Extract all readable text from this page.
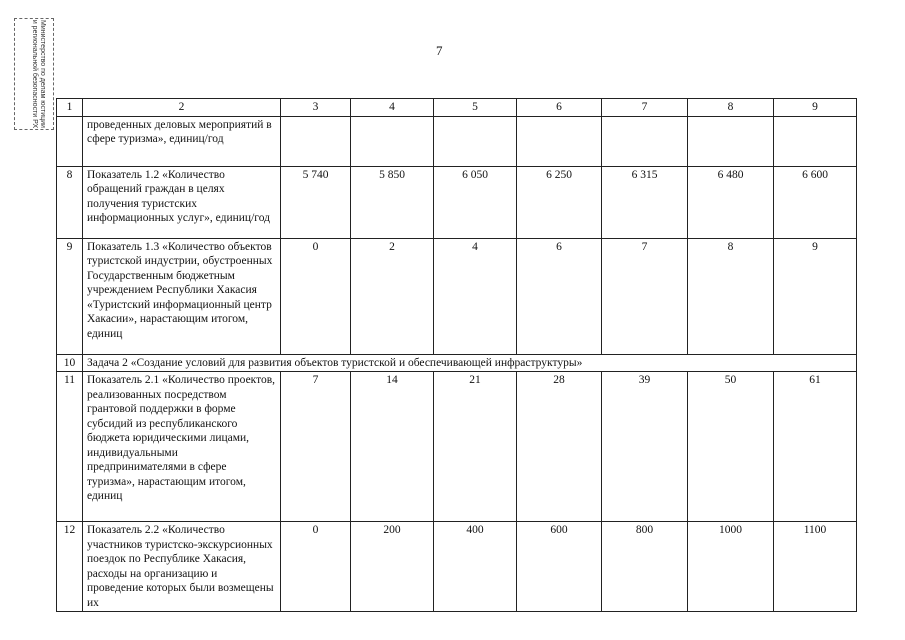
Министерство по делам юстиции и региональной безопасности РХ	7
1	2	3	4	5	6	7	8	9
	проведенных деловых мероприятий в сфере туризма», единиц/год							
8	Показатель 1.2 «Количество обращений граждан в целях получения туристских информационных услуг», единиц/год	5 740	5 850	6 050	6 250	6 315	6 480	6 600
9	Показатель 1.3 «Количество объектов туристской индустрии, обустроенных Государственным бюджетным учреждением Республики Хакасия «Туристский информационный центр Хакасии», нарастающим итогом, единиц	0	2	4	6	7	8	9
10	Задача 2 «Создание условий для развития объектов туристской и обеспечивающей инфраструктуры»							
11	Показатель 2.1 «Количество проектов, реализованных посредством грантовой поддержки в форме субсидий из республиканского бюджета юридическими лицами, индивидуальными предпринимателями в сфере туризма», нарастающим итогом, единиц	7	14	21	28	39	50	61
12	Показатель 2.2 «Количество участников туристско-экскурсионных поездок по Республике Хакасия, расходы на организацию и проведение которых были возмещены их	0	200	400	600	800	1000	1100
